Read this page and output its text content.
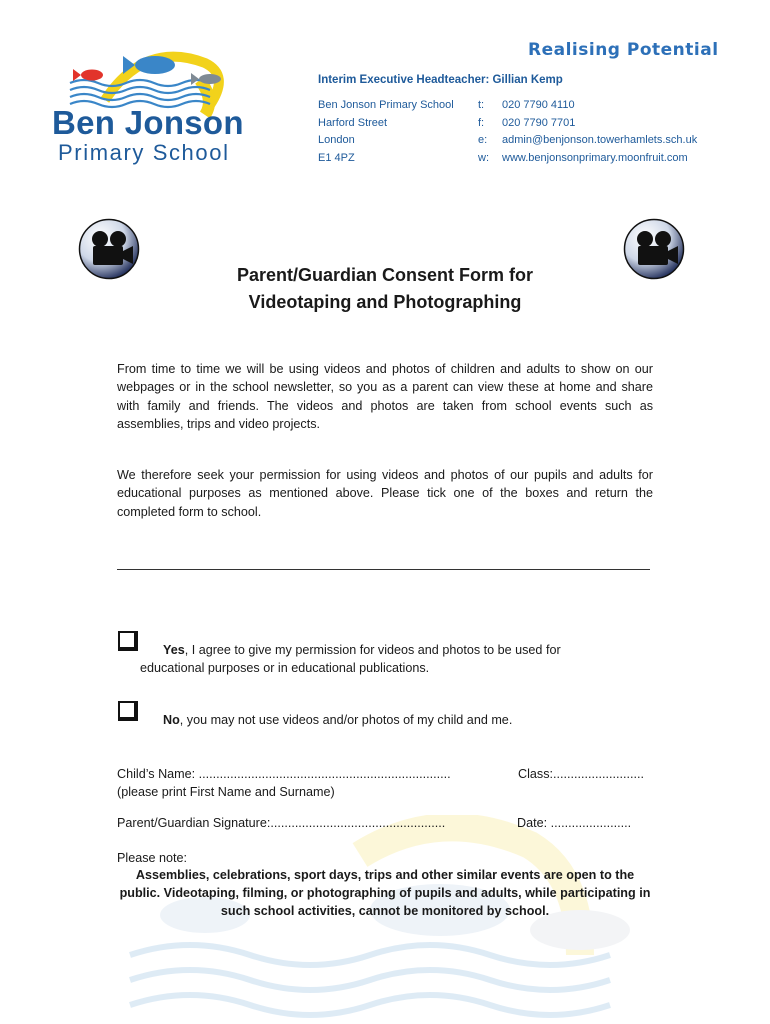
Ben Jonson
Primary School
Realising Potential
Interim Executive Headteacher: Gillian Kemp
Ben Jonson Primary School
Harford Street
London
E1 4PZ
t: 020 7790 4110
f: 020 7790 7701
e: admin@benjonson.towerhamlets.sch.uk
w: www.benjonsonprimary.moonfruit.com
Parent/Guardian Consent Form for
Videotaping and Photographing
From time to time we will be using videos and photos of children and adults to show on our webpages or in the school newsletter, so you as a parent can view these at home and share with family and friends. The videos and photos are taken from school events such as assemblies, trips and video projects.
We therefore seek your permission for using videos and photos of our pupils and adults for educational purposes as mentioned above. Please tick one of the boxes and return the completed form to school.
Yes, I agree to give my permission for videos and photos to be used for
educational purposes or in educational publications.
No, you may not use videos and/or photos of my child and me.
Child’s Name: ........................................................................
(please print First Name and Surname)
Class:..........................
Parent/Guardian Signature:..................................................	Date: .......................
Please note:
Assemblies, celebrations, sport days, trips and other similar events are open to the public. Videotaping, filming, or photographing of pupils and adults, while participating in such school activities, cannot be monitored by school.
